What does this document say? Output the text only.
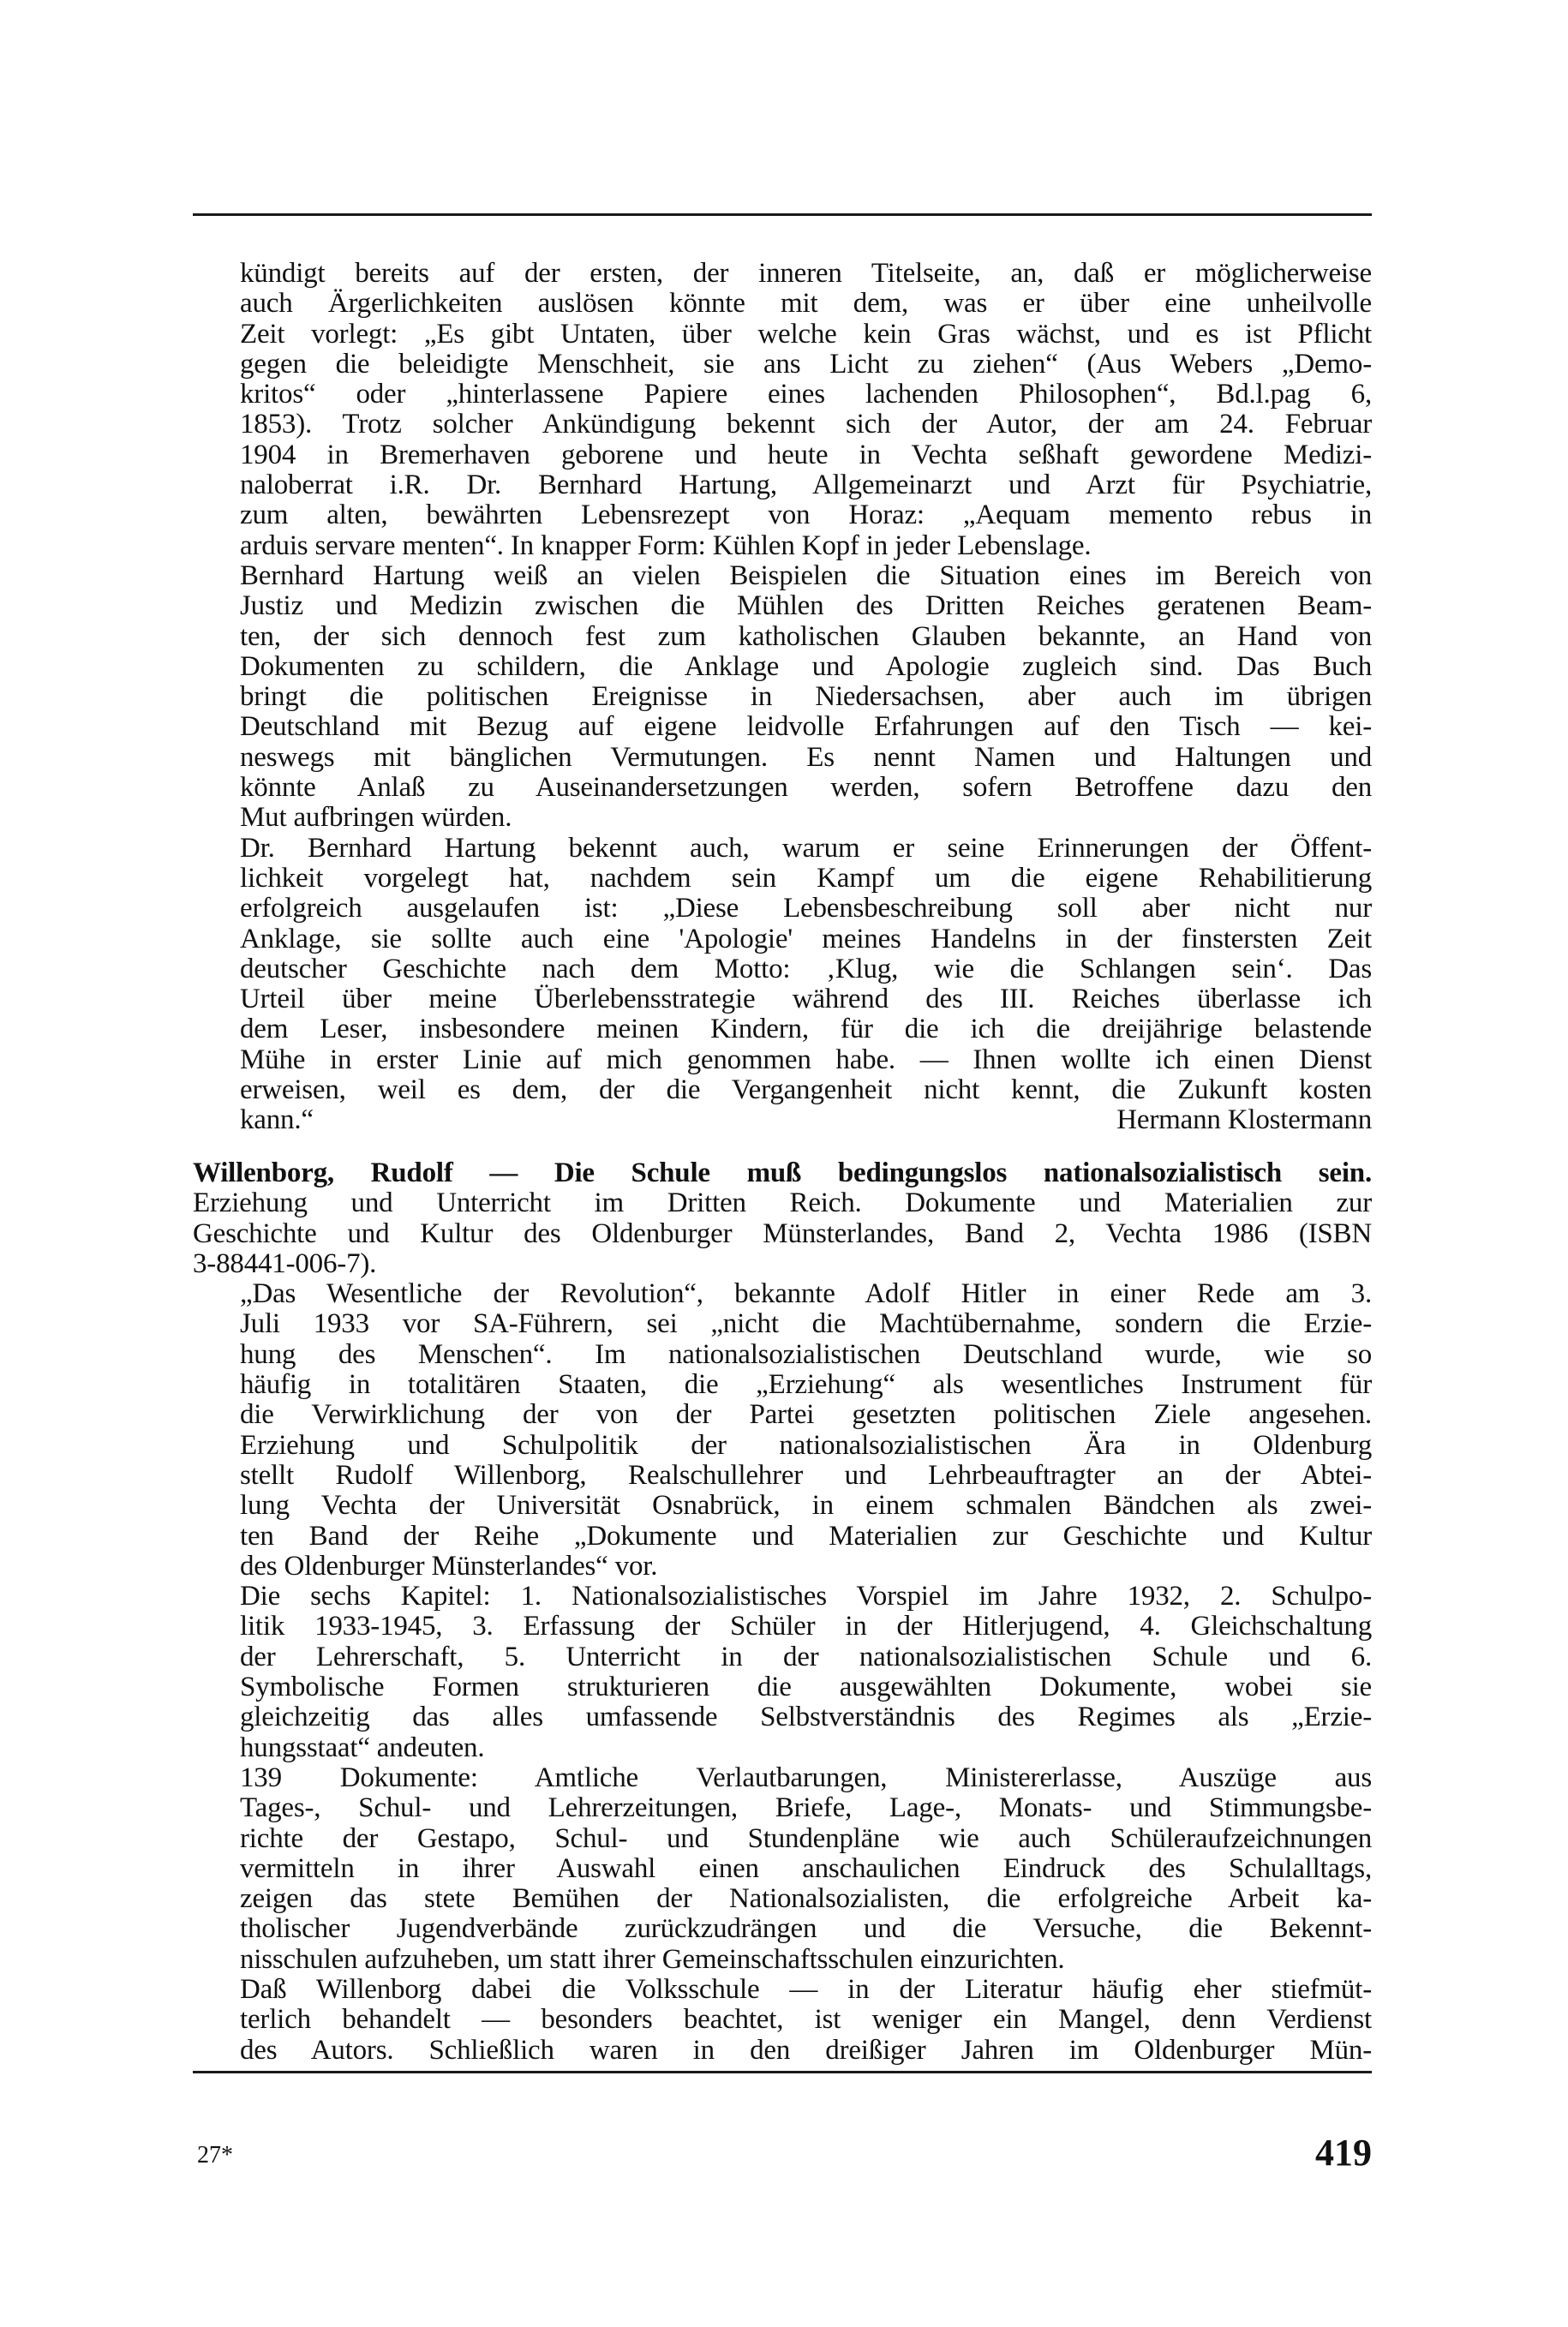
kündigt bereits auf der ersten, der inneren Titelseite, an, daß er möglicherweise
auch Ärgerlichkeiten auslösen könnte mit dem, was er über eine unheilvolle
Zeit vorlegt: „Es gibt Untaten, über welche kein Gras wächst, und es ist Pflicht
gegen die beleidigte Menschheit, sie ans Licht zu ziehen“ (Aus Webers „Demo-
kritos“ oder „hinterlassene Papiere eines lachenden Philosophen“, Bd.l.pag 6,
1853). Trotz solcher Ankündigung bekennt sich der Autor, der am 24. Februar
1904 in Bremerhaven geborene und heute in Vechta seßhaft gewordene Medizi-
naloberrat i.R. Dr. Bernhard Hartung, Allgemeinarzt und Arzt für Psychiatrie,
zum alten, bewährten Lebensrezept von Horaz: „Aequam memento rebus in
arduis servare menten“. In knapper Form: Kühlen Kopf in jeder Lebenslage.
Bernhard Hartung weiß an vielen Beispielen die Situation eines im Bereich von
Justiz und Medizin zwischen die Mühlen des Dritten Reiches geratenen Beam-
ten, der sich dennoch fest zum katholischen Glauben bekannte, an Hand von
Dokumenten zu schildern, die Anklage und Apologie zugleich sind. Das Buch
bringt die politischen Ereignisse in Niedersachsen, aber auch im übrigen
Deutschland mit Bezug auf eigene leidvolle Erfahrungen auf den Tisch — kei-
neswegs mit bänglichen Vermutungen. Es nennt Namen und Haltungen und
könnte Anlaß zu Auseinandersetzungen werden, sofern Betroffene dazu den
Mut aufbringen würden.
Dr. Bernhard Hartung bekennt auch, warum er seine Erinnerungen der Öffent-
lichkeit vorgelegt hat, nachdem sein Kampf um die eigene Rehabilitierung
erfolgreich ausgelaufen ist: „Diese Lebensbeschreibung soll aber nicht nur
Anklage, sie sollte auch eine 'Apologie' meines Handelns in der finstersten Zeit
deutscher Geschichte nach dem Motto: ‚Klug, wie die Schlangen sein‘. Das
Urteil über meine Überlebensstrategie während des III. Reiches überlasse ich
dem Leser, insbesondere meinen Kindern, für die ich die dreijährige belastende
Mühe in erster Linie auf mich genommen habe. — Ihnen wollte ich einen Dienst
erweisen, weil es dem, der die Vergangenheit nicht kennt, die Zukunft kosten
kann.“	Hermann Klostermann
Willenborg, Rudolf — Die Schule muß bedingungslos nationalsozialistisch sein.
Erziehung und Unterricht im Dritten Reich. Dokumente und Materialien zur
Geschichte und Kultur des Oldenburger Münsterlandes, Band 2, Vechta 1986 (ISBN
3-88441-006-7).
„Das Wesentliche der Revolution“, bekannte Adolf Hitler in einer Rede am 3.
Juli 1933 vor SA-Führern, sei „nicht die Machtübernahme, sondern die Erzie-
hung des Menschen“. Im nationalsozialistischen Deutschland wurde, wie so
häufig in totalitären Staaten, die „Erziehung“ als wesentliches Instrument für
die Verwirklichung der von der Partei gesetzten politischen Ziele angesehen.
Erziehung und Schulpolitik der nationalsozialistischen Ära in Oldenburg
stellt Rudolf Willenborg, Realschullehrer und Lehrbeauftragter an der Abtei-
lung Vechta der Universität Osnabrück, in einem schmalen Bändchen als zwei-
ten Band der Reihe „Dokumente und Materialien zur Geschichte und Kultur
des Oldenburger Münsterlandes“ vor.
Die sechs Kapitel: 1. Nationalsozialistisches Vorspiel im Jahre 1932, 2. Schulpo-
litik 1933-1945, 3. Erfassung der Schüler in der Hitlerjugend, 4. Gleichschaltung
der Lehrerschaft, 5. Unterricht in der nationalsozialistischen Schule und 6.
Symbolische Formen strukturieren die ausgewählten Dokumente, wobei sie
gleichzeitig das alles umfassende Selbstverständnis des Regimes als „Erzie-
hungsstaat“ andeuten.
139 Dokumente: Amtliche Verlautbarungen, Ministererlasse, Auszüge aus
Tages-, Schul- und Lehrerzeitungen, Briefe, Lage-, Monats- und Stimmungsbe-
richte der Gestapo, Schul- und Stundenpläne wie auch Schüleraufzeichnungen
vermitteln in ihrer Auswahl einen anschaulichen Eindruck des Schulalltags,
zeigen das stete Bemühen der Nationalsozialisten, die erfolgreiche Arbeit ka-
tholischer Jugendverbände zurückzudrängen und die Versuche, die Bekennt-
nisschulen aufzuheben, um statt ihrer Gemeinschaftsschulen einzurichten.
Daß Willenborg dabei die Volksschule — in der Literatur häufig eher stiefmüt-
terlich behandelt — besonders beachtet, ist weniger ein Mangel, denn Verdienst
des Autors. Schließlich waren in den dreißiger Jahren im Oldenburger Mün-
27*	419
